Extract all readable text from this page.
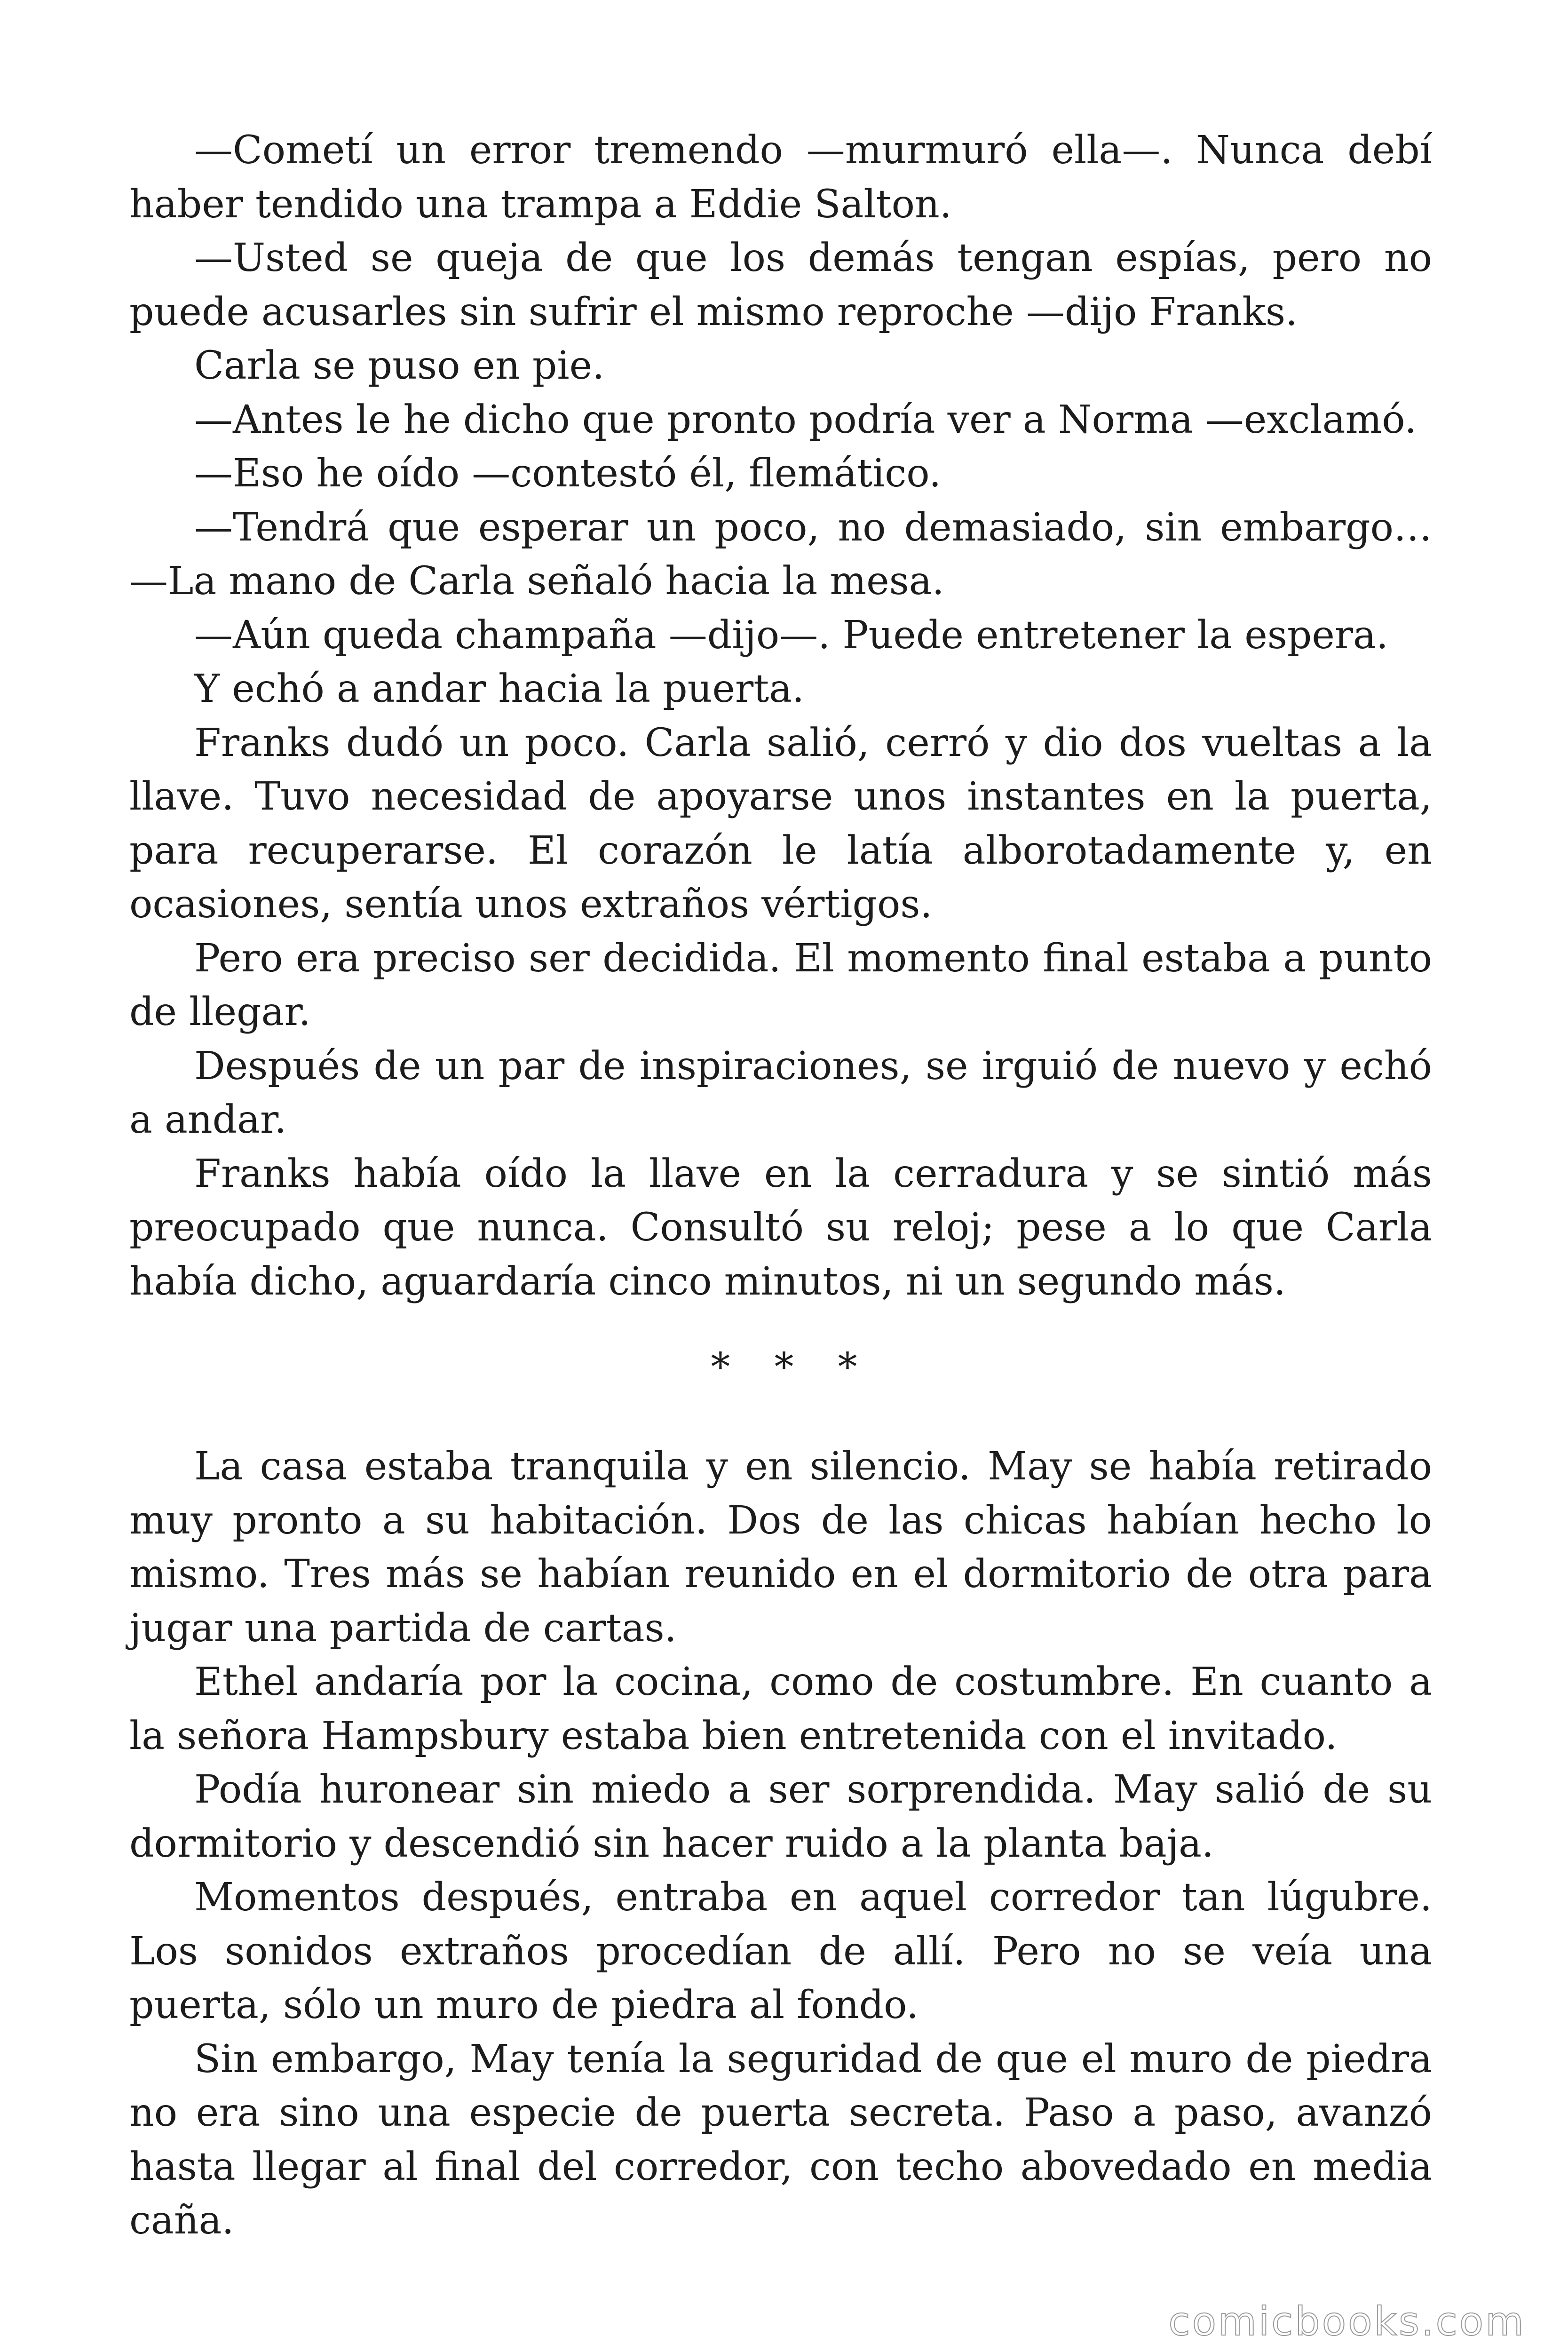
—Cometí un error tremendo —murmuró ella—. Nunca debí haber tendido una trampa a Eddie Salton.

—Usted se queja de que los demás tengan espías, pero no puede acusarles sin sufrir el mismo reproche —dijo Franks.

Carla se puso en pie.

—Antes le he dicho que pronto podría ver a Norma —exclamó.

—Eso he oído —contestó él, flemático.

—Tendrá que esperar un poco, no demasiado, sin embargo… —La mano de Carla señaló hacia la mesa.

—Aún queda champaña —dijo—. Puede entretener la espera.

Y echó a andar hacia la puerta.

Franks dudó un poco. Carla salió, cerró y dio dos vueltas a la llave. Tuvo necesidad de apoyarse unos instantes en la puerta, para recuperarse. El corazón le latía alborotadamente y, en ocasiones, sentía unos extraños vértigos.

Pero era preciso ser decidida. El momento final estaba a punto de llegar.

Después de un par de inspiraciones, se irguió de nuevo y echó a andar.

Franks había oído la llave en la cerradura y se sintió más preocupado que nunca. Consultó su reloj; pese a lo que Carla había dicho, aguardaría cinco minutos, ni un segundo más.

* * *

La casa estaba tranquila y en silencio. May se había retirado muy pronto a su habitación. Dos de las chicas habían hecho lo mismo. Tres más se habían reunido en el dormitorio de otra para jugar una partida de cartas.

Ethel andaría por la cocina, como de costumbre. En cuanto a la señora Hampsbury estaba bien entretenida con el invitado.

Podía huronear sin miedo a ser sorprendida. May salió de su dormitorio y descendió sin hacer ruido a la planta baja.

Momentos después, entraba en aquel corredor tan lúgubre. Los sonidos extraños procedían de allí. Pero no se veía una puerta, sólo un muro de piedra al fondo.

Sin embargo, May tenía la seguridad de que el muro de piedra no era sino una especie de puerta secreta. Paso a paso, avanzó hasta llegar al final del corredor, con techo abovedado en media caña.

comicbooks.com
